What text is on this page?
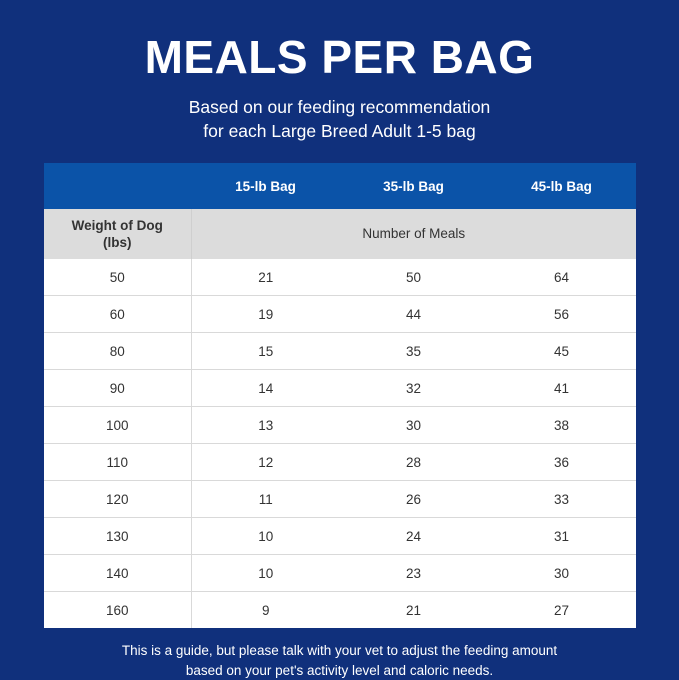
MEALS PER BAG
Based on our feeding recommendation
for each Large Breed Adult 1-5 bag
	15-lb Bag	35-lb Bag	45-lb Bag
Weight of Dog
(lbs)	Number of Meals		
50	21	50	64
60	19	44	56
80	15	35	45
90	14	32	41
100	13	30	38
110	12	28	36
120	11	26	33
130	10	24	31
140	10	23	30
160	9	21	27
This is a guide, but please talk with your vet to adjust the feeding amount
based on your pet's activity level and caloric needs.
